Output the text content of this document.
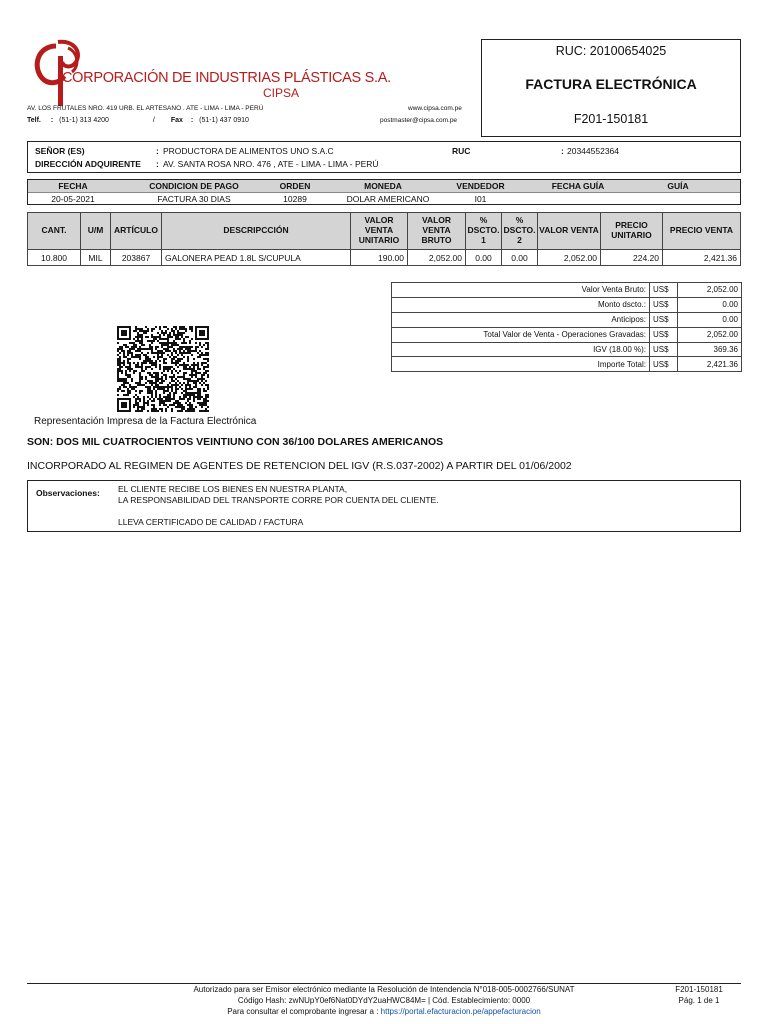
CORPORACIÓN DE INDUSTRIAS PLÁSTICAS S.A.
CIPSA
AV. LOS FRUTALES NRO. 419 URB. EL ARTESANO . ATE - LIMA - LIMA - PERÚ	www.cipsa.com.pe
Telf. : (51-1) 313 4200	/ Fax : (51-1) 437 0910	postmaster@cipsa.com.pe
RUC: 20100654025
FACTURA ELECTRÓNICA
F201-150181
SEÑOR (ES)	: PRODUCTORA DE ALIMENTOS UNO S.A.C	RUC	: 20344552364
DIRECCIÓN ADQUIRENTE : AV. SANTA ROSA NRO. 476 , ATE - LIMA - LIMA - PERÚ
FECHA	CONDICION DE PAGO	ORDEN	MONEDA	VENDEDOR	FECHA GUÍA	GUÍA
20-05-2021	FACTURA 30 DIAS	10289	DOLAR AMERICANO	I01
CANT.	U/M	ARTÍCULO	DESCRIPCCIÓN	VALOR VENTA UNITARIO	VALOR VENTA BRUTO	% DSCTO. 1	% DSCTO. 2	VALOR VENTA	PRECIO UNITARIO	PRECIO VENTA
10.800	MIL	203867	GALONERA PEAD 1.8L S/CUPULA	190.00	2,052.00	0.00	0.00	2,052.00	224.20	2,421.36
Valor Venta Bruto:	US$	2,052.00
Monto dscto.:	US$	0.00
Anticipos:	US$	0.00
Total Valor de Venta - Operaciones Gravadas:	US$	2,052.00
IGV (18.00 %):	US$	369.36
Importe Total:	US$	2,421.36
Representación Impresa de la Factura Electrónica
SON: DOS MIL CUATROCIENTOS VEINTIUNO CON 36/100 DOLARES AMERICANOS
INCORPORADO AL REGIMEN DE AGENTES DE RETENCION DEL IGV (R.S.037-2002) A PARTIR DEL 01/06/2002
Observaciones: EL CLIENTE RECIBE LOS BIENES EN NUESTRA PLANTA,
LA RESPONSABILIDAD DEL TRANSPORTE CORRE POR CUENTA DEL CLIENTE.
LLEVA CERTIFICADO DE CALIDAD / FACTURA
Autorizado para ser Emisor electrónico mediante la Resolución de Intendencia N°018-005-0002766/SUNAT
Código Hash: zwNUpY0ef6Nat0DYdY2uaHWC84M= | Cód. Establecimiento: 0000
Para consultar el comprobante ingresar a : https://portal.efacturacion.pe/appefacturacion
F201-150181
Pág. 1 de 1
